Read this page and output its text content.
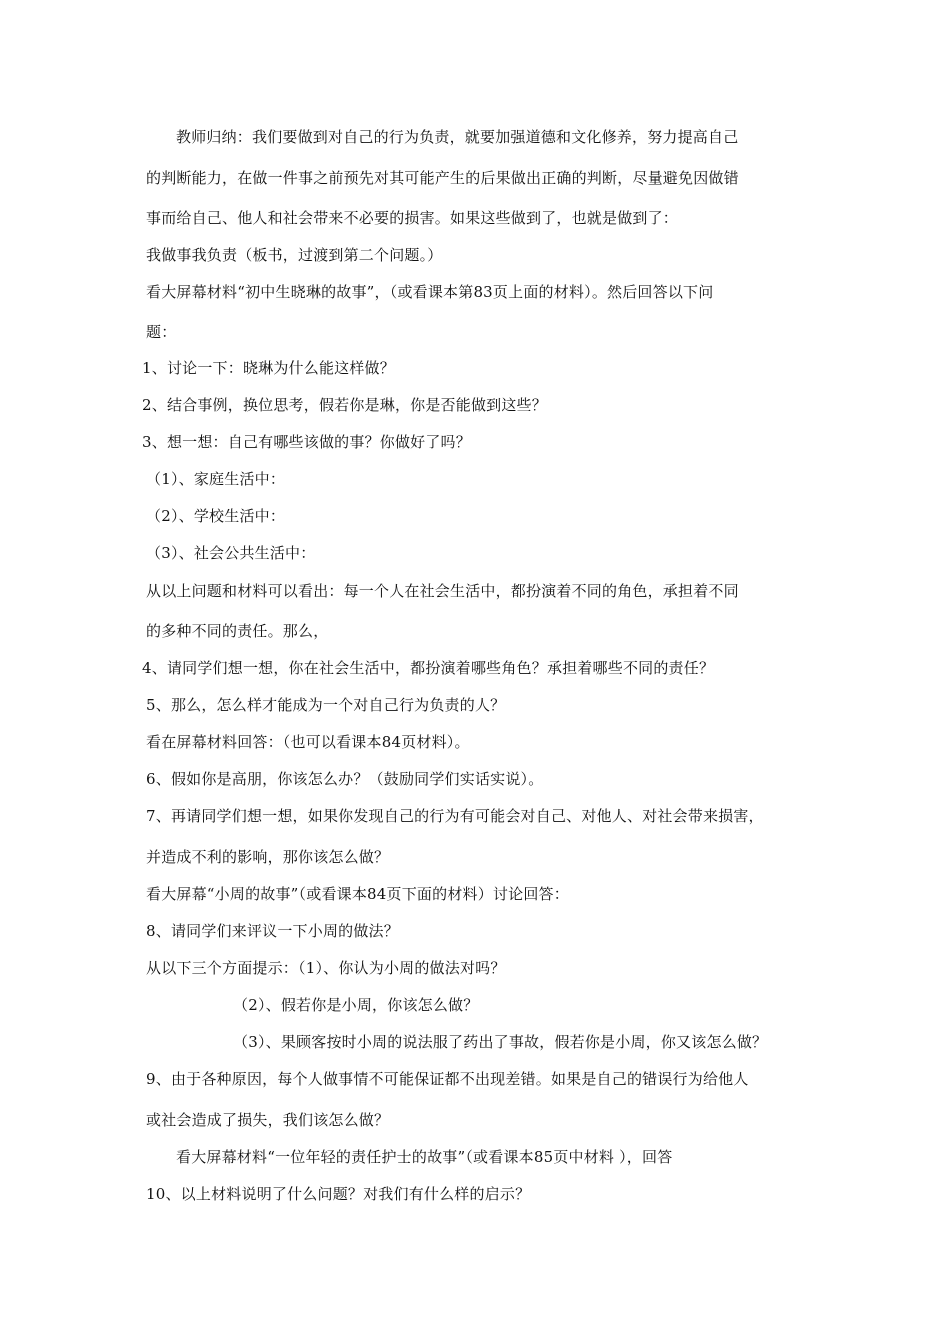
教师归纳：我们要做到对自己的行为负责，就要加强道德和文化修养，努力提高自己
的判断能力，在做一件事之前预先对其可能产生的后果做出正确的判断，尽量避免因做错
事而给自己、他人和社会带来不必要的损害。如果这些做到了，也就是做到了：
我做事我负责（板书，过渡到第二个问题。）
看大屏幕材料“初中生晓琳的故事”，（或看课本第83页上面的材料）。然后回答以下问
题：
1、讨论一下：晓琳为什么能这样做？
2、结合事例，换位思考，假若你是琳，你是否能做到这些？
3、想一想：自己有哪些该做的事？你做好了吗？
（1）、家庭生活中：
（2）、学校生活中：
（3）、社会公共生活中：
从以上问题和材料可以看出：每一个人在社会生活中，都扮演着不同的角色，承担着不同
的多种不同的责任。那么，
4、请同学们想一想，你在社会生活中，都扮演着哪些角色？承担着哪些不同的责任？
5、那么，怎么样才能成为一个对自己行为负责的人？
看在屏幕材料回答：（也可以看课本84页材料）。
6、假如你是高朋，你该怎么办？（鼓励同学们实话实说）。
7、再请同学们想一想，如果你发现自己的行为有可能会对自己、对他人、对社会带来损害，
并造成不利的影响，那你该怎么做？
看大屏幕“小周的故事”（或看课本84页下面的材料）讨论回答：
8、请同学们来评议一下小周的做法？
从以下三个方面提示：（1）、你认为小周的做法对吗？
（2）、假若你是小周，你该怎么做？
（3）、果顾客按时小周的说法服了药出了事故，假若你是小周，你又该怎么做？
9、由于各种原因，每个人做事情不可能保证都不出现差错。如果是自己的错误行为给他人
或社会造成了损失，我们该怎么做？
看大屏幕材料“一位年轻的责任护士的故事”（或看课本85页中材料 ），回答
10、以上材料说明了什么问题？对我们有什么样的启示？
